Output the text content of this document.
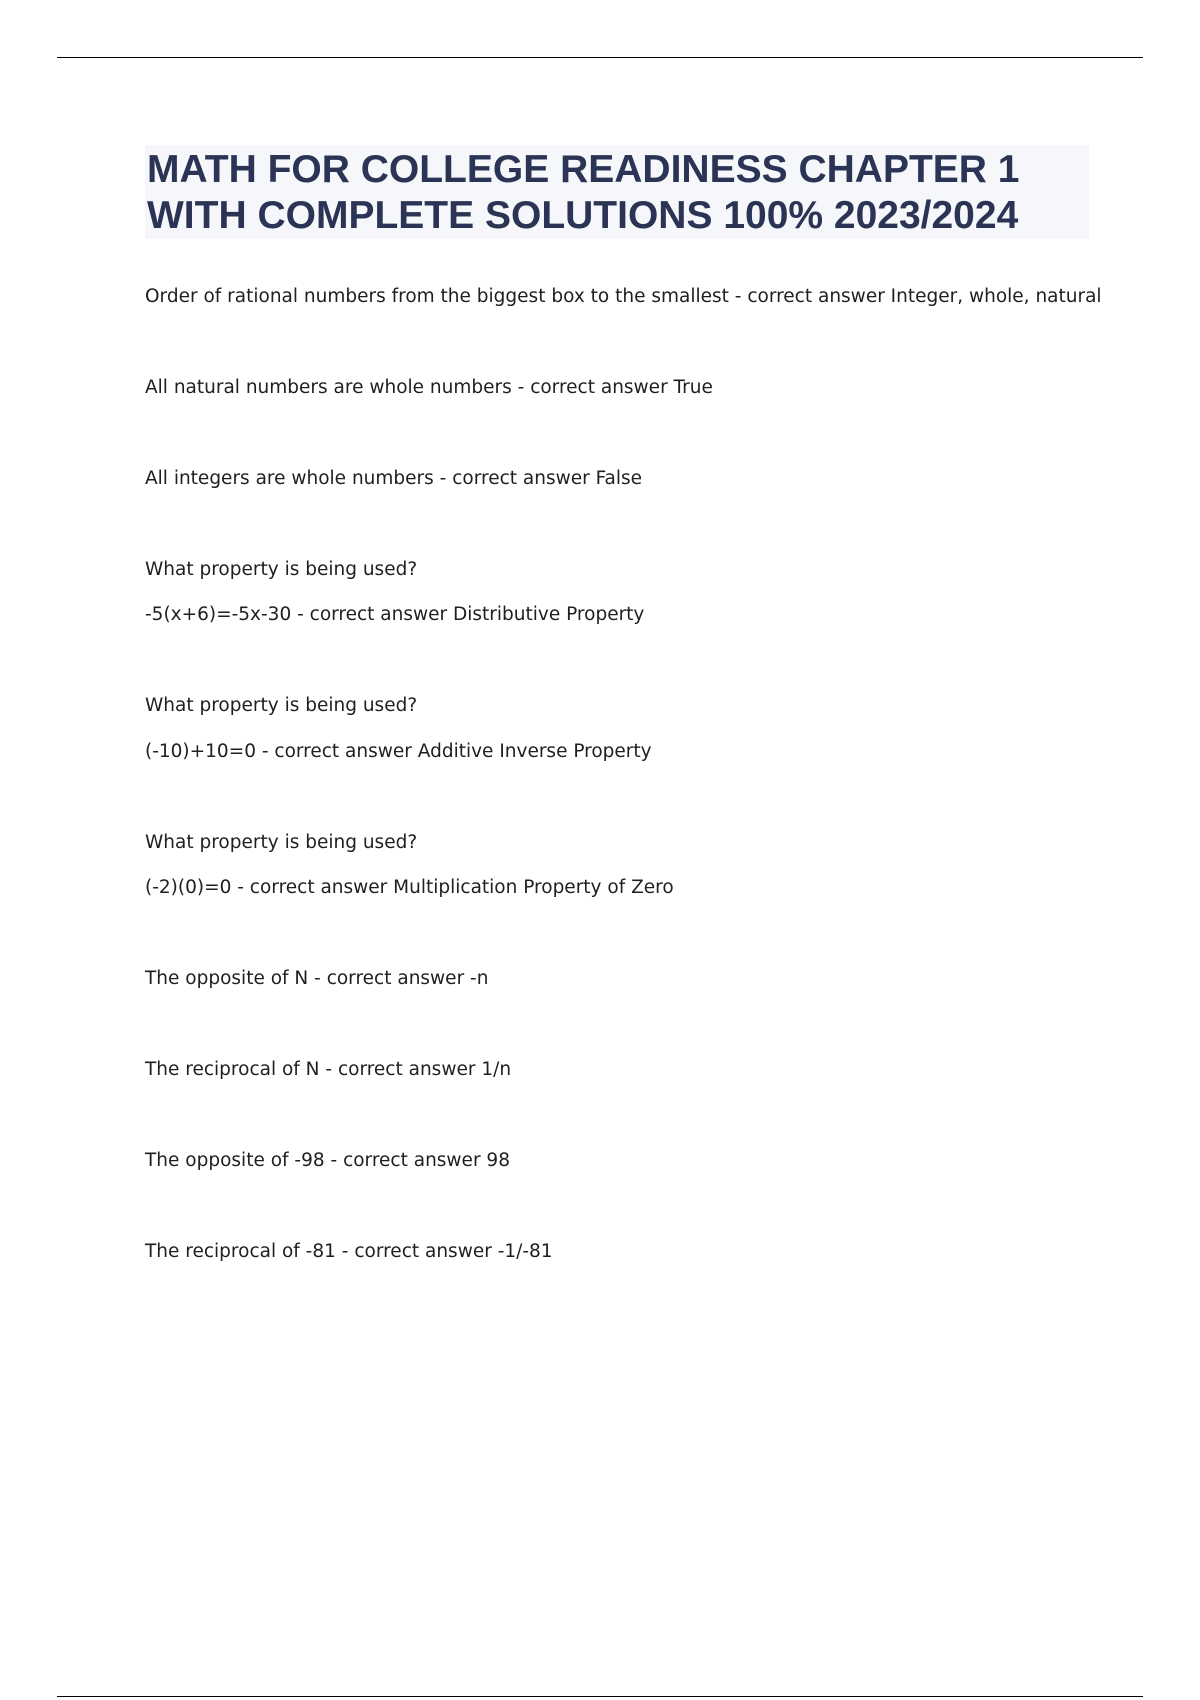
MATH FOR COLLEGE READINESS CHAPTER 1
WITH COMPLETE SOLUTIONS 100% 2023/2024
Order of rational numbers from the biggest box to the smallest - correct answer Integer, whole, natural
All natural numbers are whole numbers - correct answer True
All integers are whole numbers - correct answer False
What property is being used?
-5(x+6)=-5x-30 - correct answer Distributive Property
What property is being used?
(-10)+10=0 - correct answer Additive Inverse Property
What property is being used?
(-2)(0)=0 - correct answer Multiplication Property of Zero
The opposite of N - correct answer -n
The reciprocal of N - correct answer 1/n
The opposite of -98 - correct answer 98
The reciprocal of -81 - correct answer -1/-81
